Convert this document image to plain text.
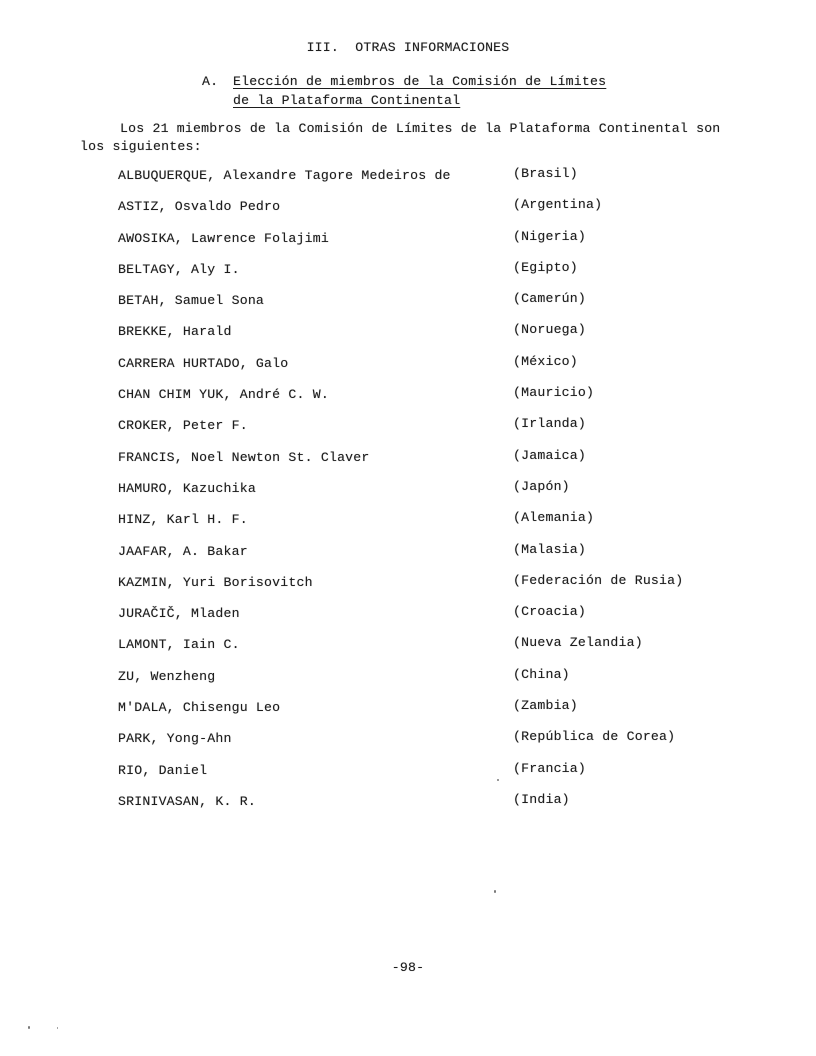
III.  OTRAS INFORMACIONES
A.	Elección de miembros de la Comisión de Límites
de la Plataforma Continental
Los 21 miembros de la Comisión de Límites de la Plataforma Continental son
los siguientes:
ALBUQUERQUE, Alexandre Tagore Medeiros de	(Brasil)
ASTIZ, Osvaldo Pedro	(Argentina)
AWOSIKA, Lawrence Folajimi	(Nigeria)
BELTAGY, Aly I.	(Egipto)
BETAH, Samuel Sona	(Camerún)
BREKKE, Harald	(Noruega)
CARRERA HURTADO, Galo	(México)
CHAN CHIM YUK, André C. W.	(Mauricio)
CROKER, Peter F.	(Irlanda)
FRANCIS, Noel Newton St. Claver	(Jamaica)
HAMURO, Kazuchika	(Japón)
HINZ, Karl H. F.	(Alemania)
JAAFAR, A. Bakar	(Malasia)
KAZMIN, Yuri Borisovitch	(Federación de Rusia)
JURAČIČ, Mladen	(Croacia)
LAMONT, Iain C.	(Nueva Zelandia)
ZU, Wenzheng	(China)
M'DALA, Chisengu Leo	(Zambia)
PARK, Yong-Ahn	(República de Corea)
RIO, Daniel	(Francia)
SRINIVASAN, K. R.	(India)
-98-
